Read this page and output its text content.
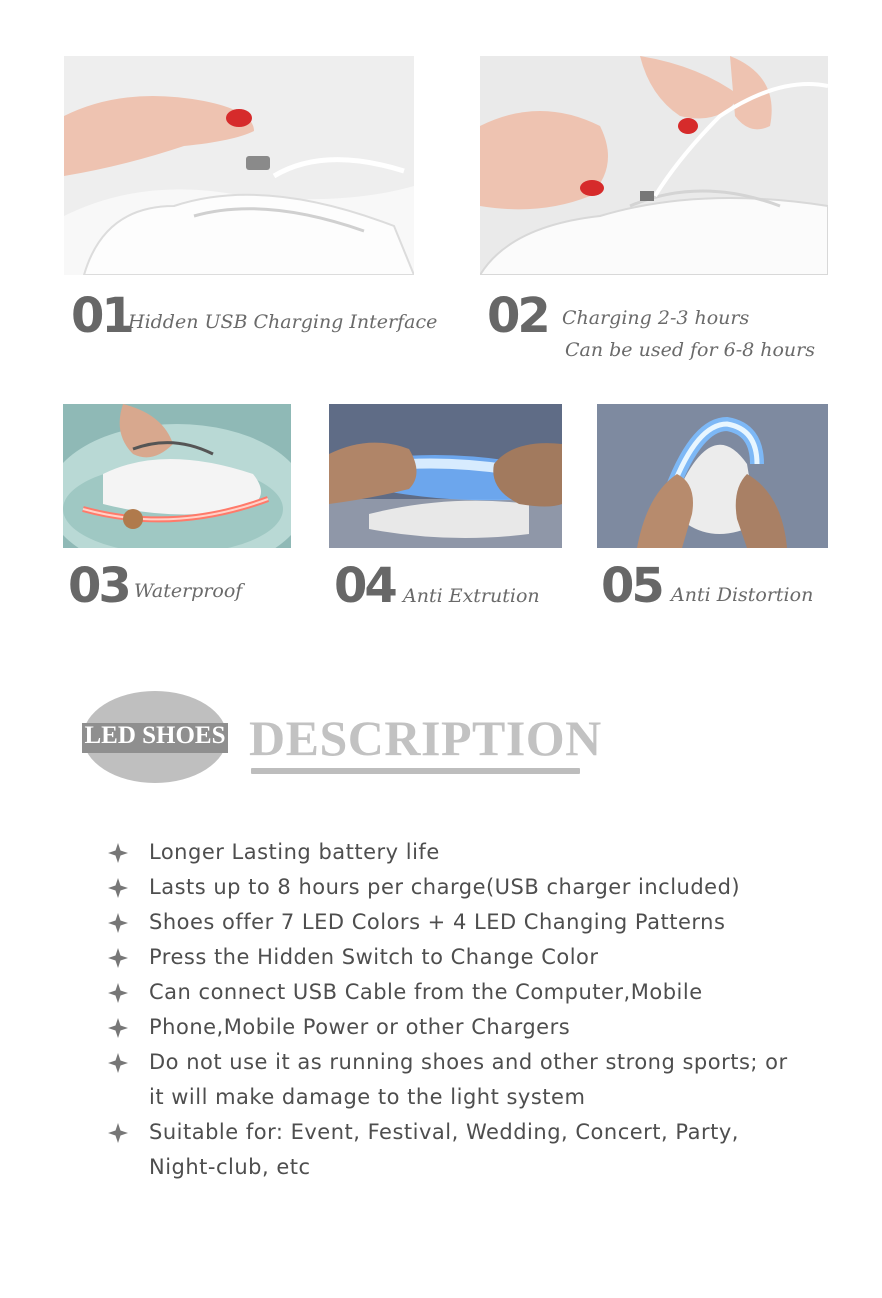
01
Hidden USB Charging Interface 02 Charging 2-3 hours
Can be used for 6-8 hours
03 Waterproof 04 Anti Extrution 05 Anti Distortion
LED SHOES DESCRIPTION
Longer Lasting battery life
Lasts up to 8 hours per charge(USB charger included)
Shoes offer 7 LED Colors + 4 LED Changing Patterns
Press the Hidden Switch to Change Color
Can connect USB Cable from the Computer,Mobile
Phone,Mobile Power or other Chargers
Do not use it as running shoes and other strong sports; or it will make damage to the light system
Suitable for: Event, Festival, Wedding, Concert, Party, Night-club, etc
